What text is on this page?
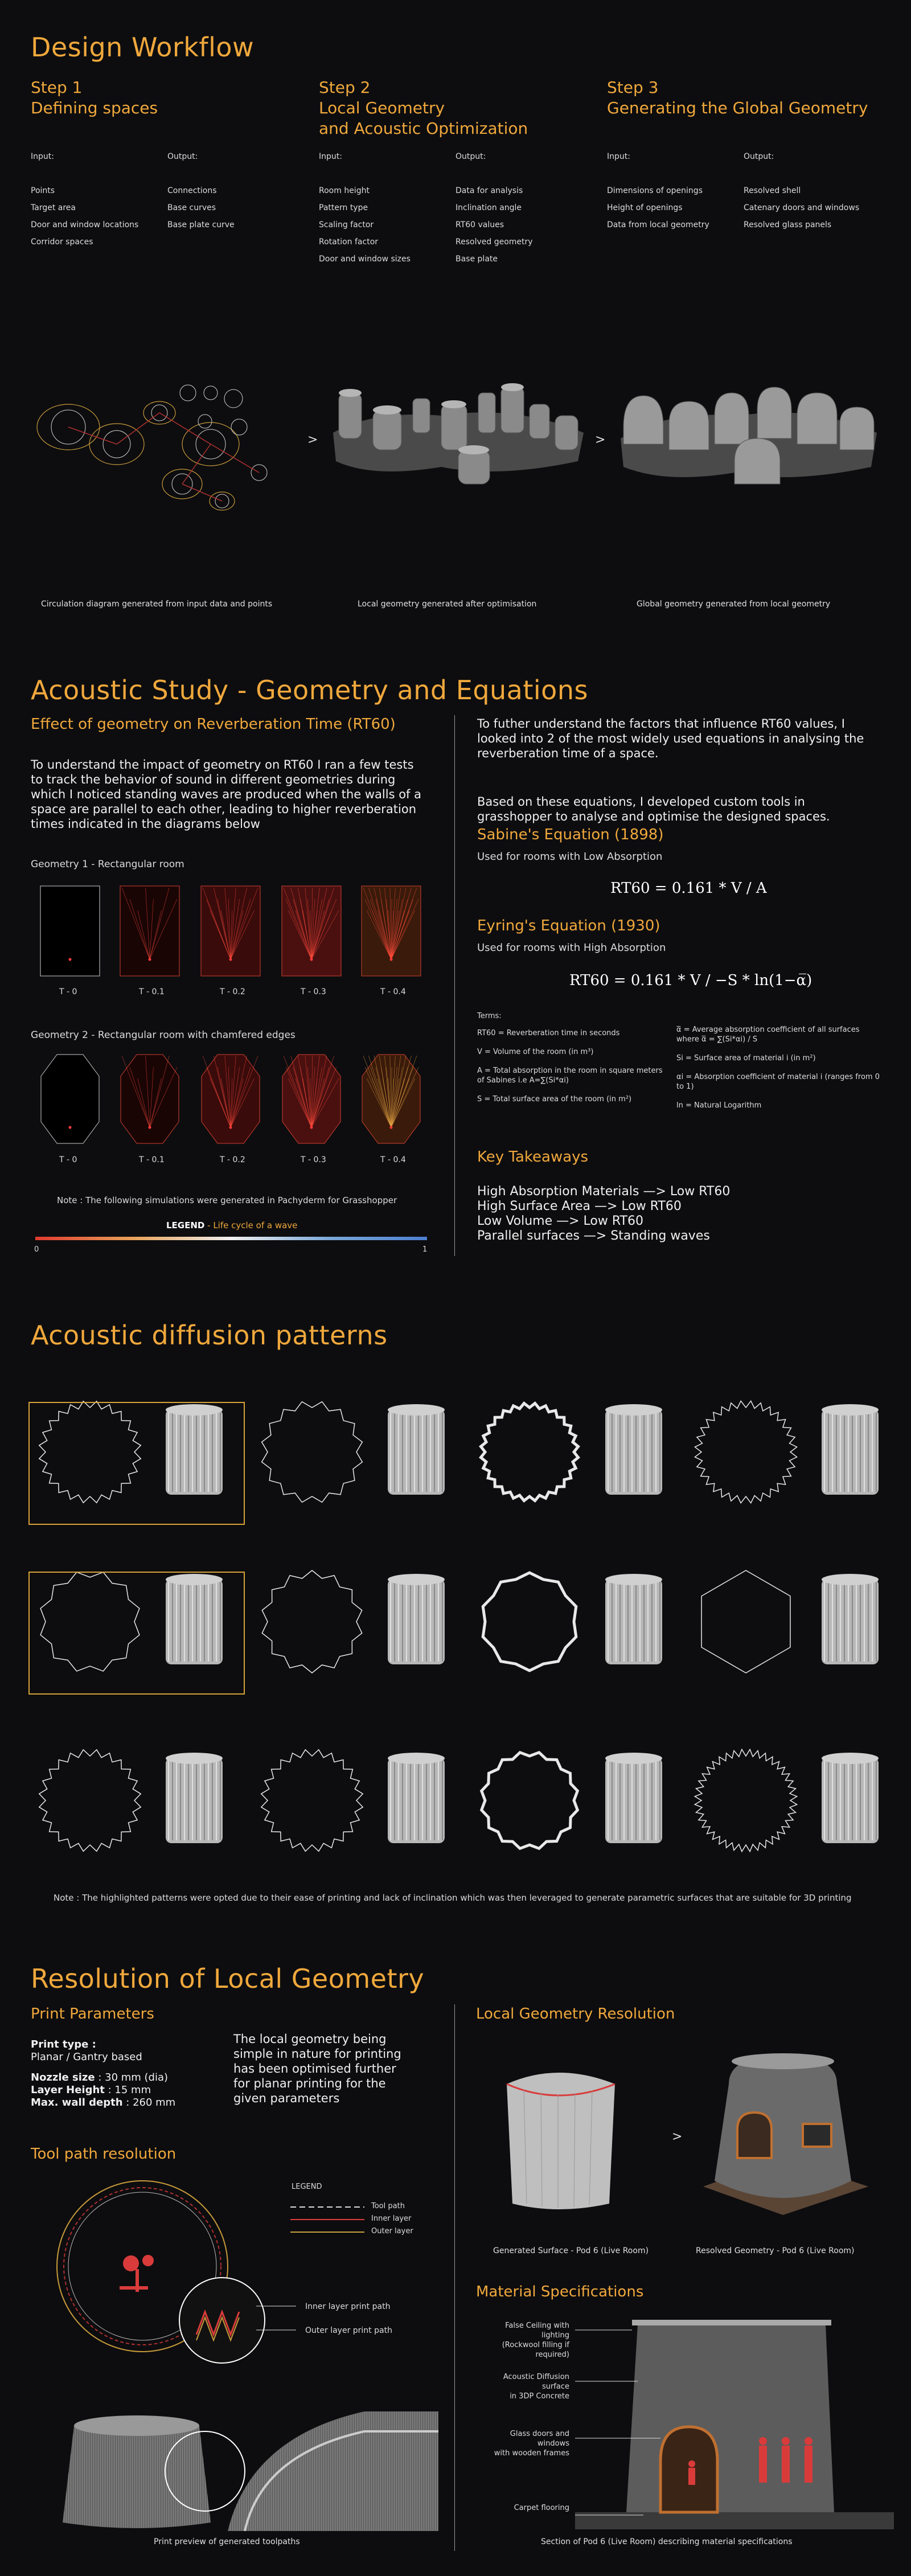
Design Workflow
Step 1
Defining spaces
Input:
Points
Target area
Door and window locations
Corridor spaces
Output:
Connections
Base curves
Base plate curve
Step 2
Local Geometry
and Acoustic Optimization
Input:
Room height
Pattern type
Scaling factor
Rotation factor
Door and window sizes
Output:
Data for analysis
Inclination angle
RT60 values
Resolved geometry
Base plate
Step 3
Generating the Global Geometry
Input:
Dimensions of openings
Height of openings
Data from local geometry
Output:
Resolved shell
Catenary doors and windows
Resolved glass panels
>	>
Circulation diagram generated from input data and points	Local geometry generated after optimisation	Global geometry generated from local geometry
Acoustic Study - Geometry and Equations
Effect of geometry on Reverberation Time (RT60)
To understand the impact of geometry on RT60 I ran a few tests to track the behavior of sound in different geometries during which I noticed standing waves are produced when the walls of a space are parallel to each other, leading to higher reverberation times indicated in the diagrams below
Geometry 1 - Rectangular room
T - 0	T - 0.1	T - 0.2	T - 0.3	T - 0.4
Geometry 2 - Rectangular room with chamfered edges
T - 0	T - 0.1	T - 0.2	T - 0.3	T - 0.4
Note : The following simulations were generated in Pachyderm for Grasshopper
LEGEND - Life cycle of a wave
0	1
To futher understand the factors that influence RT60 values, I looked into 2 of the most widely used equations in analysing the reverberation time of a space.
Based on these equations, I developed custom tools in grasshopper to analyse and optimise the designed spaces.
Sabine's Equation (1898)
Used for rooms with Low Absorption
RT60 = 0.161 * V / A
Eyring's Equation (1930)
Used for rooms with High Absorption
RT60 = 0.161 * V / −S * ln(1−α̅)
Terms:
RT60 = Reverberation time in seconds
V = Volume of the room (in m³)
A = Total absorption in the room in square meters of Sabines i.e A=∑(Si*αi)
S = Total surface area of the room (in m²)
α̅ = Average absorption coefficient of all surfaces where α̅ = ∑(Si*αi) / S
Si = Surface area of material i (in m²)
αi = Absorption coefficient of material i (ranges from 0 to 1)
ln = Natural Logarithm
Key Takeaways
High Absorption Materials —> Low RT60
High Surface Area —> Low RT60
Low Volume —> Low RT60
Parallel surfaces —> Standing waves
Acoustic diffusion patterns
Note : The highlighted patterns were opted due to their ease of printing and lack of inclination which was then leveraged to generate parametric surfaces that are suitable for 3D printing
Resolution of Local Geometry
Print Parameters
Print type :
Planar / Gantry based
Nozzle size : 30 mm (dia)
Layer Height : 15 mm
Max. wall depth : 260 mm
The local geometry being simple in nature for printing has been optimised further for planar printing for the given parameters
Tool path resolution
LEGEND
Tool path
Inner layer
Outer layer
Inner layer print path
Outer layer print path
Print preview of generated toolpaths
Local Geometry Resolution
>
Generated Surface - Pod 6 (Live Room)	Resolved Geometry - Pod 6 (Live Room)
Material Specifications
False Ceiling with lighting
(Rockwool filling if required)
Acoustic Diffusion surface
in 3DP Concrete
Glass doors and windows
with wooden frames
Carpet flooring
Section of Pod 6 (Live Room) describing material specifications
